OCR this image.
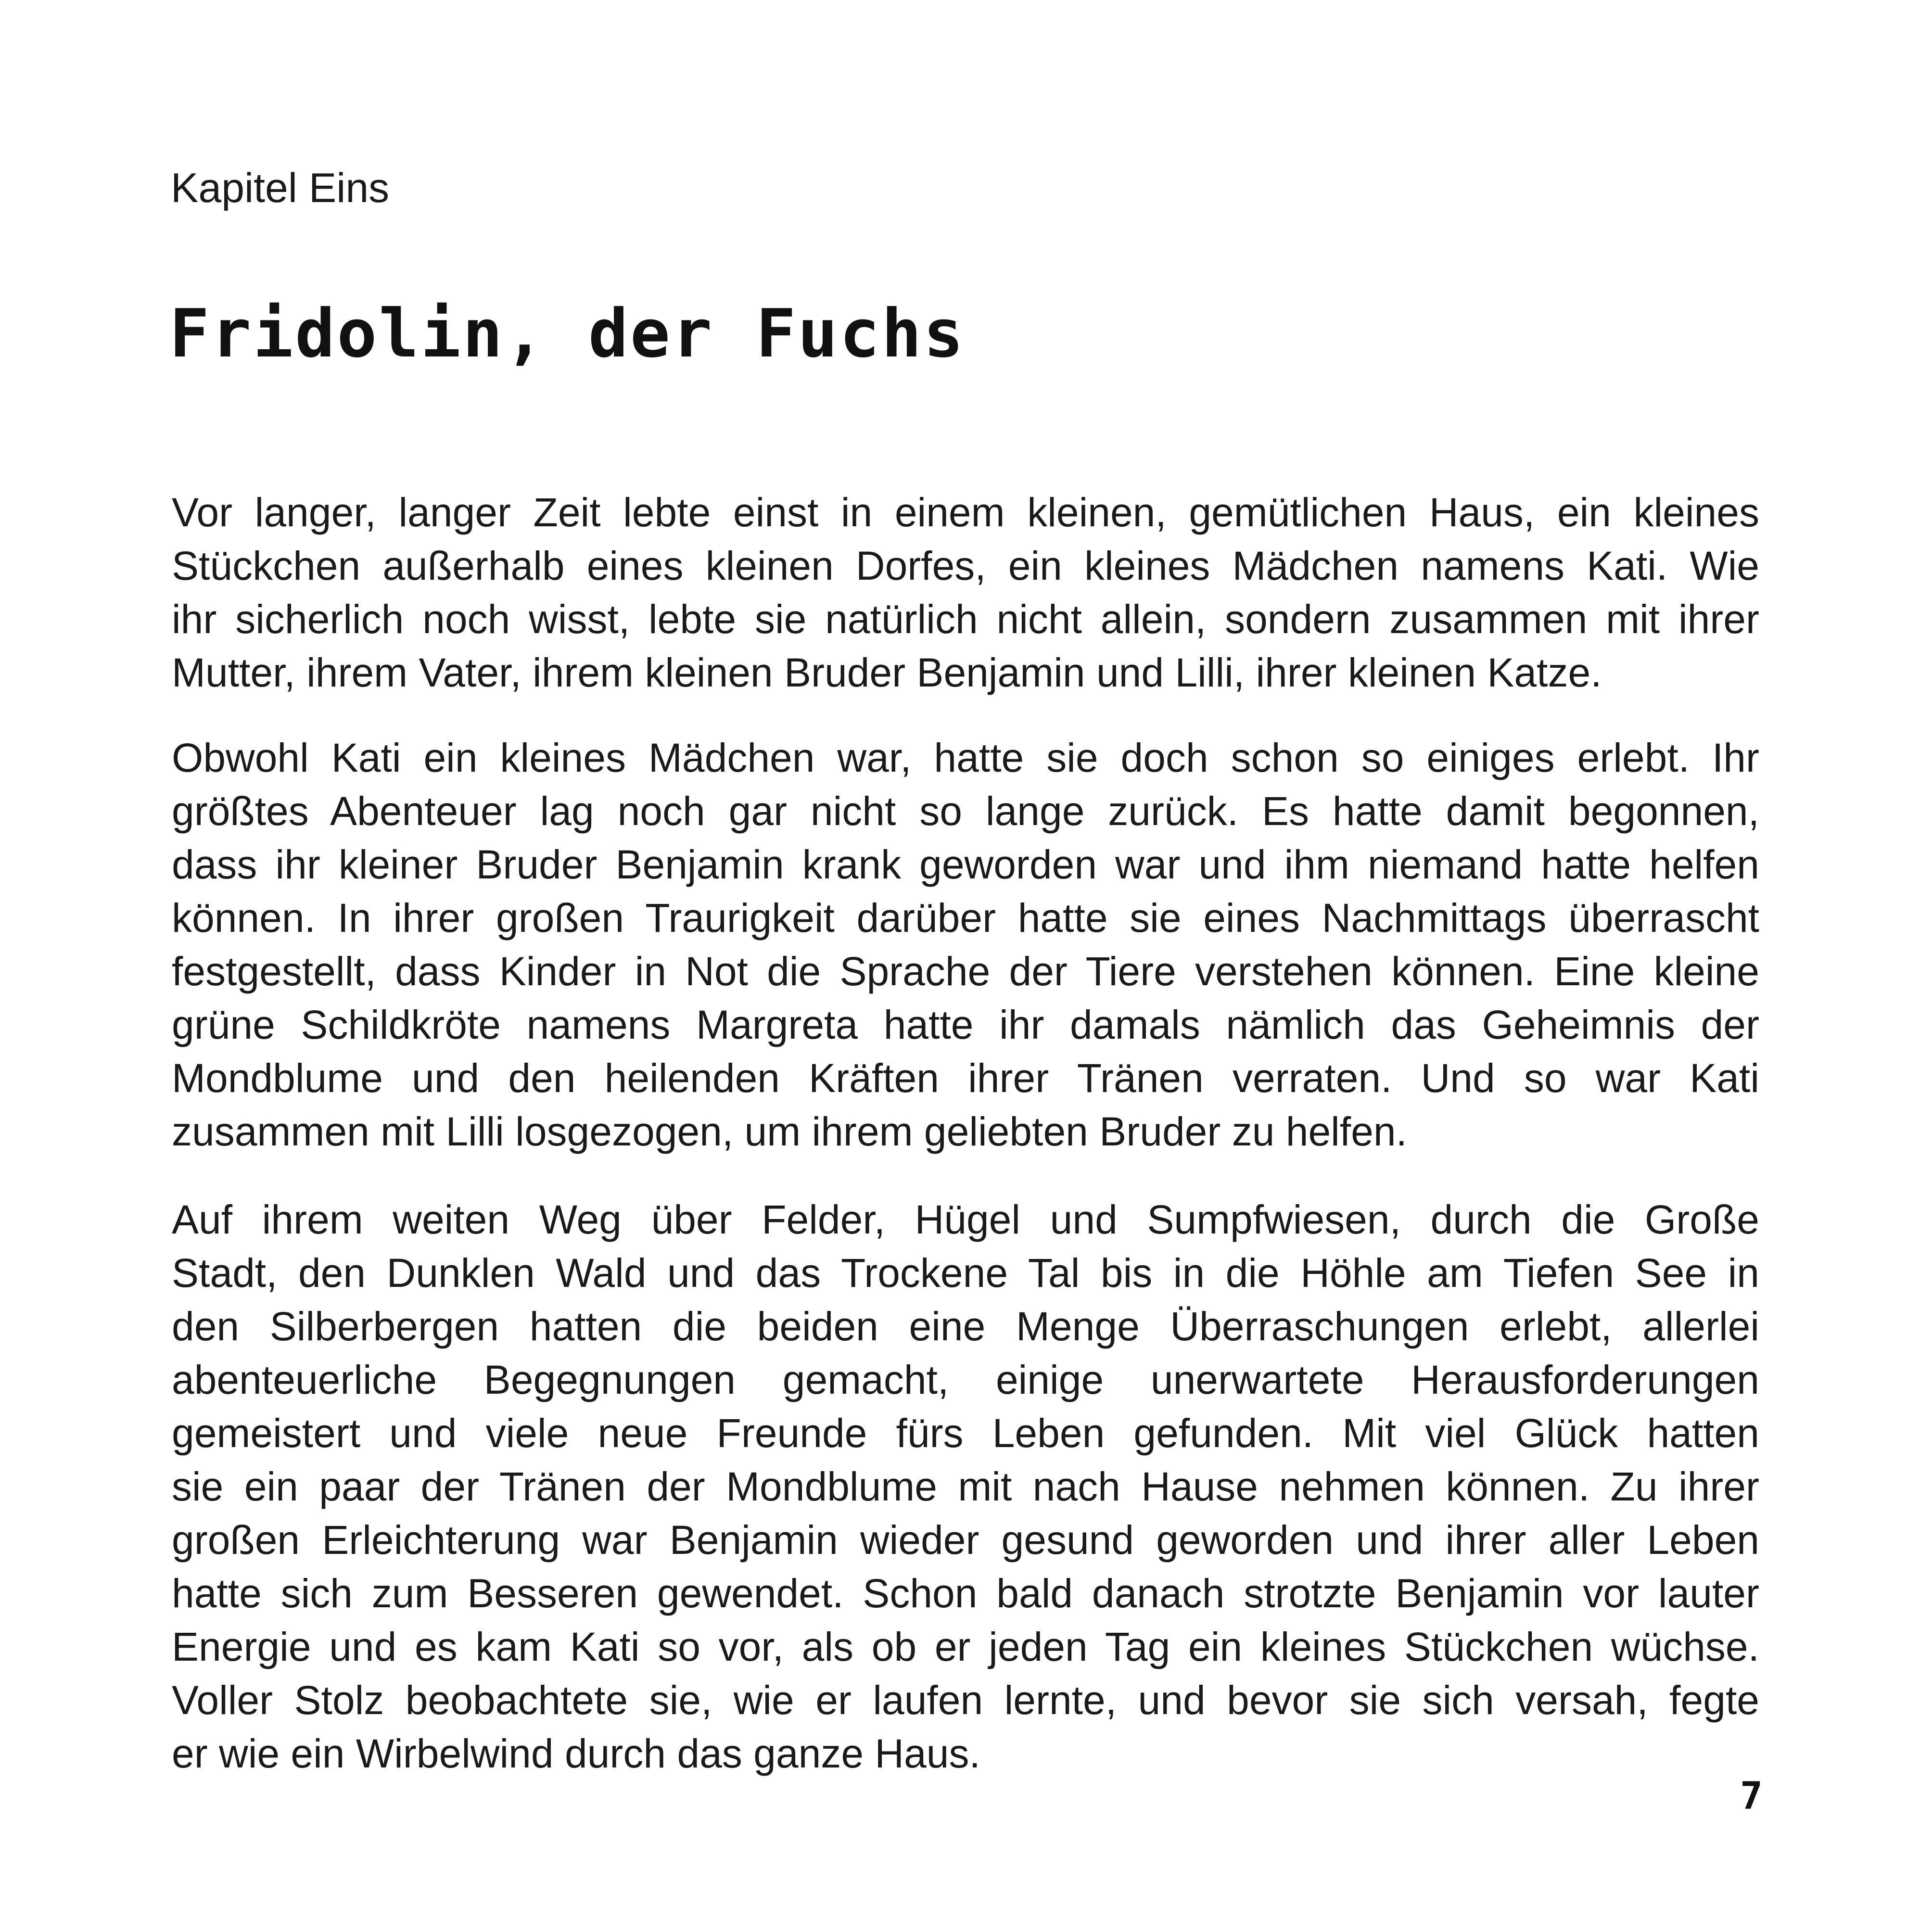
Kapitel Eins
Fridolin, der Fuchs
Vor langer, langer Zeit lebte einst in einem kleinen, gemütlichen Haus, ein kleines
Stückchen außerhalb eines kleinen Dorfes, ein kleines Mädchen namens Kati. Wie
ihr sicherlich noch wisst, lebte sie natürlich nicht allein, sondern zusammen mit ihrer
Mutter, ihrem Vater, ihrem kleinen Bruder Benjamin und Lilli, ihrer kleinen Katze.
Obwohl Kati ein kleines Mädchen war, hatte sie doch schon so einiges erlebt. Ihr
größtes Abenteuer lag noch gar nicht so lange zurück. Es hatte damit begonnen,
dass ihr kleiner Bruder Benjamin krank geworden war und ihm niemand hatte helfen
können. In ihrer großen Traurigkeit darüber hatte sie eines Nachmittags überrascht
festgestellt, dass Kinder in Not die Sprache der Tiere verstehen können. Eine kleine
grüne Schildkröte namens Margreta hatte ihr damals nämlich das Geheimnis der
Mondblume und den heilenden Kräften ihrer Tränen verraten. Und so war Kati
zusammen mit Lilli losgezogen, um ihrem geliebten Bruder zu helfen.
Auf ihrem weiten Weg über Felder, Hügel und Sumpfwiesen, durch die Große
Stadt, den Dunklen Wald und das Trockene Tal bis in die Höhle am Tiefen See in
den Silberbergen hatten die beiden eine Menge Überraschungen erlebt, allerlei
abenteuerliche Begegnungen gemacht, einige unerwartete Herausforderungen
gemeistert und viele neue Freunde fürs Leben gefunden. Mit viel Glück hatten
sie ein paar der Tränen der Mondblume mit nach Hause nehmen können. Zu ihrer
großen Erleichterung war Benjamin wieder gesund geworden und ihrer aller Leben
hatte sich zum Besseren gewendet. Schon bald danach strotzte Benjamin vor lauter
Energie und es kam Kati so vor, als ob er jeden Tag ein kleines Stückchen wüchse.
Voller Stolz beobachtete sie, wie er laufen lernte, und bevor sie sich versah, fegte
er wie ein Wirbelwind durch das ganze Haus.
7
